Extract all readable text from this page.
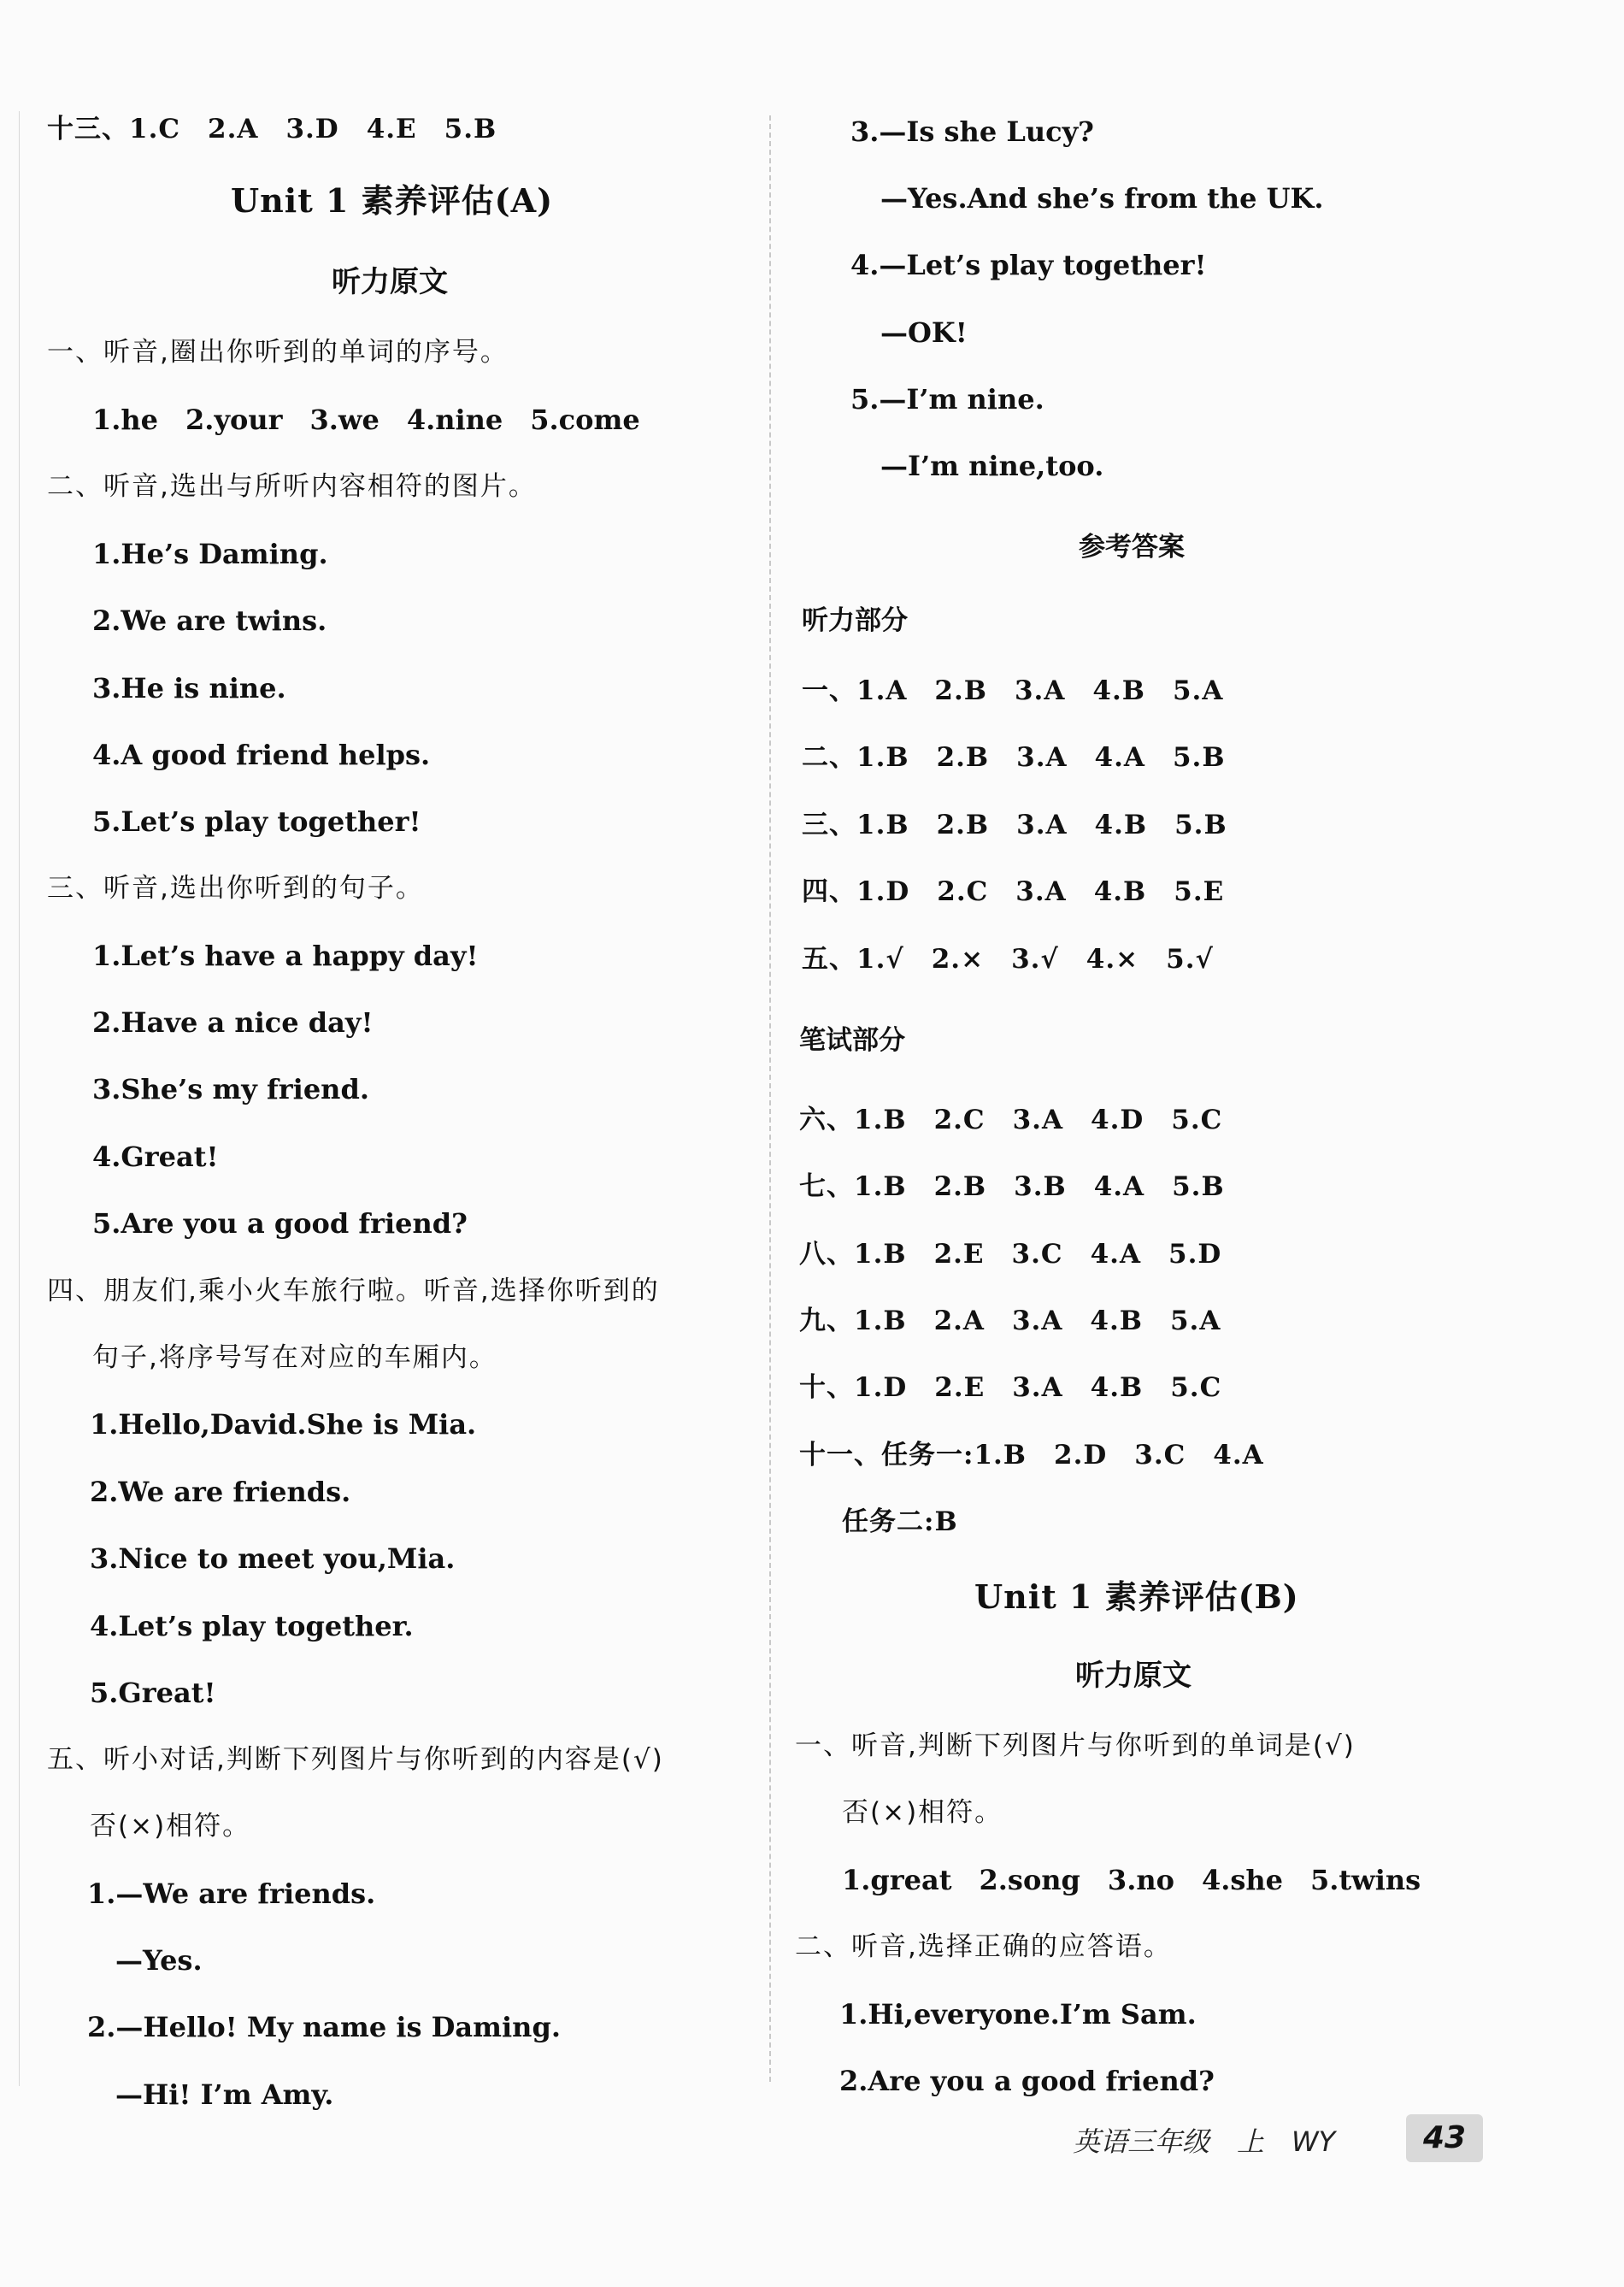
十三、1.C　2.A　3.D　4.E　5.B
Unit 1 素养评估(A)
听力原文
一、听音,圈出你听到的单词的序号。
1.he　2.your　3.we　4.nine　5.come
二、听音,选出与所听内容相符的图片。
1.He’s Daming.
2.We are twins.
3.He is nine.
4.A good friend helps.
5.Let’s play together!
三、听音,选出你听到的句子。
1.Let’s have a happy day!
2.Have a nice day!
3.She’s my friend.
4.Great!
5.Are you a good friend?
四、朋友们,乘小火车旅行啦。听音,选择你听到的
句子,将序号写在对应的车厢内。
1.Hello,David.She is Mia.
2.We are friends.
3.Nice to meet you,Mia.
4.Let’s play together.
5.Great!
五、听小对话,判断下列图片与你听到的内容是(√)
否(×)相符。
1.—We are friends.
—Yes.
2.—Hello! My name is Daming.
—Hi! I’m Amy.
3.—Is she Lucy?
—Yes.And she’s from the UK.
4.—Let’s play together!
—OK!
5.—I’m nine.
—I’m nine,too.
参考答案
听力部分
一、1.A　2.B　3.A　4.B　5.A
二、1.B　2.B　3.A　4.A　5.B
三、1.B　2.B　3.A　4.B　5.B
四、1.D　2.C　3.A　4.B　5.E
五、1.√　2.×　3.√　4.×　5.√
笔试部分
六、1.B　2.C　3.A　4.D　5.C
七、1.B　2.B　3.B　4.A　5.B
八、1.B　2.E　3.C　4.A　5.D
九、1.B　2.A　3.A　4.B　5.A
十、1.D　2.E　3.A　4.B　5.C
十一、任务一:1.B　2.D　3.C　4.A
任务二:B
Unit 1 素养评估(B)
听力原文
一、听音,判断下列图片与你听到的单词是(√)
否(×)相符。
1.great　2.song　3.no　4.she　5.twins
二、听音,选择正确的应答语。
1.Hi,everyone.I’m Sam.
2.Are you a good friend?
英语三年级　上　WY	43
